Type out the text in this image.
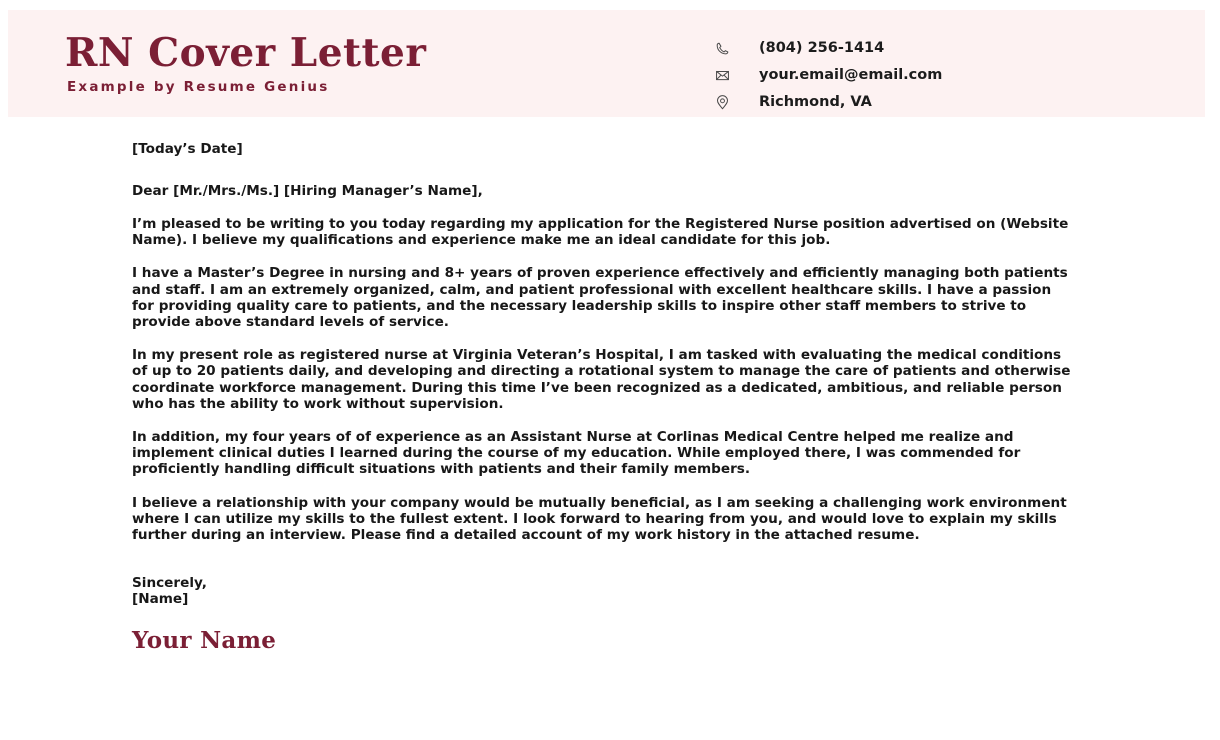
RN Cover Letter
Example by Resume Genius
(804) 256-1414
your.email@email.com
Richmond, VA

[Today’s Date]

Dear [Mr./Mrs./Ms.] [Hiring Manager’s Name],

I’m pleased to be writing to you today regarding my application for the Registered Nurse position advertised on (Website Name). I believe my qualifications and experience make me an ideal candidate for this job.

I have a Master’s Degree in nursing and 8+ years of proven experience effectively and efficiently managing both patients and staff. I am an extremely organized, calm, and patient professional with excellent healthcare skills. I have a passion for providing quality care to patients, and the necessary leadership skills to inspire other staff members to strive to provide above standard levels of service.

In my present role as registered nurse at Virginia Veteran’s Hospital, I am tasked with evaluating the medical conditions of up to 20 patients daily, and developing and directing a rotational system to manage the care of patients and otherwise coordinate workforce management. During this time I’ve been recognized as a dedicated, ambitious, and reliable person who has the ability to work without supervision.

In addition, my four years of of experience as an Assistant Nurse at Corlinas Medical Centre helped me realize and implement clinical duties I learned during the course of my education. While employed there, I was commended for proficiently handling difficult situations with patients and their family members.

I believe a relationship with your company would be mutually beneficial, as I am seeking a challenging work environment where I can utilize my skills to the fullest extent. I look forward to hearing from you, and would love to explain my skills further during an interview. Please find a detailed account of my work history in the attached resume.

Sincerely,
[Name]

Your Name
